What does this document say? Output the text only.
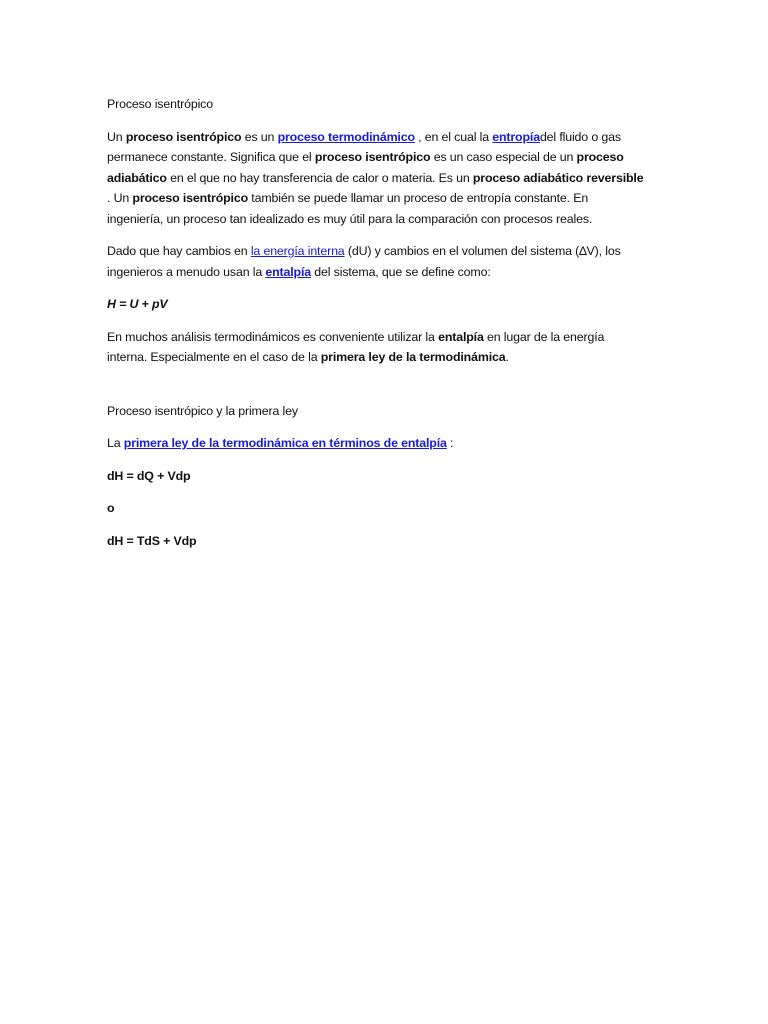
Proceso isentrópico

Un proceso isentrópico es un proceso termodinámico , en el cual la entropíadel fluido o gas permanece constante. Significa que el proceso isentrópico es un caso especial de un proceso adiabático en el que no hay transferencia de calor o materia. Es un proceso adiabático reversible . Un proceso isentrópico también se puede llamar un proceso de entropía constante. En ingeniería, un proceso tan idealizado es muy útil para la comparación con procesos reales.

Dado que hay cambios en la energía interna (dU) y cambios en el volumen del sistema (∆V), los ingenieros a menudo usan la entalpía del sistema, que se define como:

H = U + pV

En muchos análisis termodinámicos es conveniente utilizar la entalpía en lugar de la energía interna. Especialmente en el caso de la primera ley de la termodinámica.

Proceso isentrópico y la primera ley

La primera ley de la termodinámica en términos de entalpía :

dH = dQ + Vdp

o

dH = TdS + Vdp
